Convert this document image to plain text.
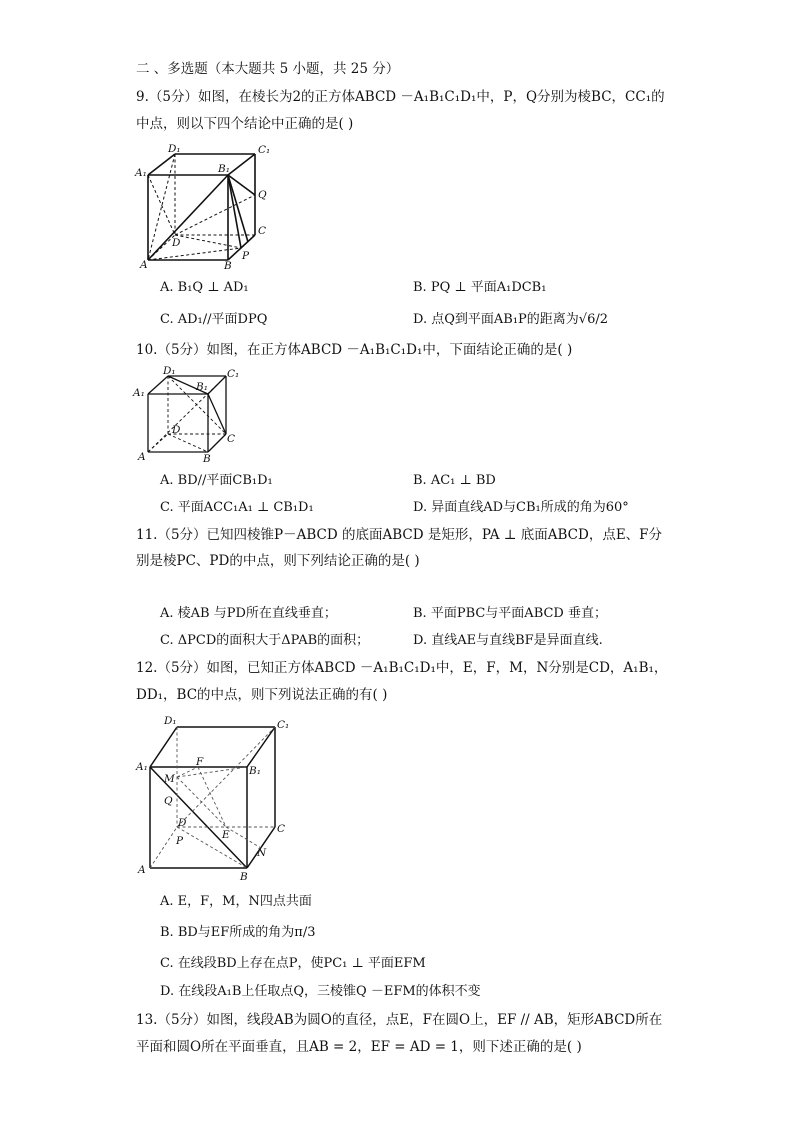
二 、多选题（本大题共 5 小题，共 25 分）
9.（5分）如图，在棱长为2的正方体ABCD －A₁B₁C₁D₁中，P，Q分别为棱BC，CC₁的
中点，则以下四个结论中正确的是( )
D₁	C₁
A₁	B₁
Q
C
D
A	B
P
A. B₁Q ⊥ AD₁	B. PQ ⊥ 平面A₁DCB₁
C. AD₁//平面DPQ	D. 点Q到平面AB₁P的距离为√6/2
10.（5分）如图，在正方体ABCD －A₁B₁C₁D₁中，下面结论正确的是( )
D₁	C₁
A₁	B₁
D
C
A	B
A. BD//平面CB₁D₁	B. AC₁ ⊥ BD
C. 平面ACC₁A₁ ⊥ CB₁D₁	D. 异面直线AD与CB₁所成的角为60°
11.（5分）已知四棱锥P－ABCD 的底面ABCD 是矩形，PA ⊥ 底面ABCD，点E、F分
别是棱PC、PD的中点，则下列结论正确的是( )
A. 棱AB 与PD所在直线垂直；	B. 平面PBC与平面ABCD 垂直；
C. ΔPCD的面积大于ΔPAB的面积；	D. 直线AE与直线BF是异面直线.
12.（5分）如图，已知正方体ABCD －A₁B₁C₁D₁中，E，F，M，N分别是CD，A₁B₁，
DD₁，BC的中点，则下列说法正确的有( )
D₁	C₁
A₁	B₁
M
F
Q
D
E
P
C
N
A
B
A. E，F，M，N四点共面
B. BD与EF所成的角为π/3
C. 在线段BD上存在点P，使PC₁ ⊥ 平面EFM
D. 在线段A₁B上任取点Q，三棱锥Q －EFM的体积不变
13.（5分）如图，线段AB为圆O的直径，点E，F在圆O上，EF // AB，矩形ABCD所在
平面和圆O所在平面垂直，且AB = 2，EF = AD = 1，则下述正确的是( )
